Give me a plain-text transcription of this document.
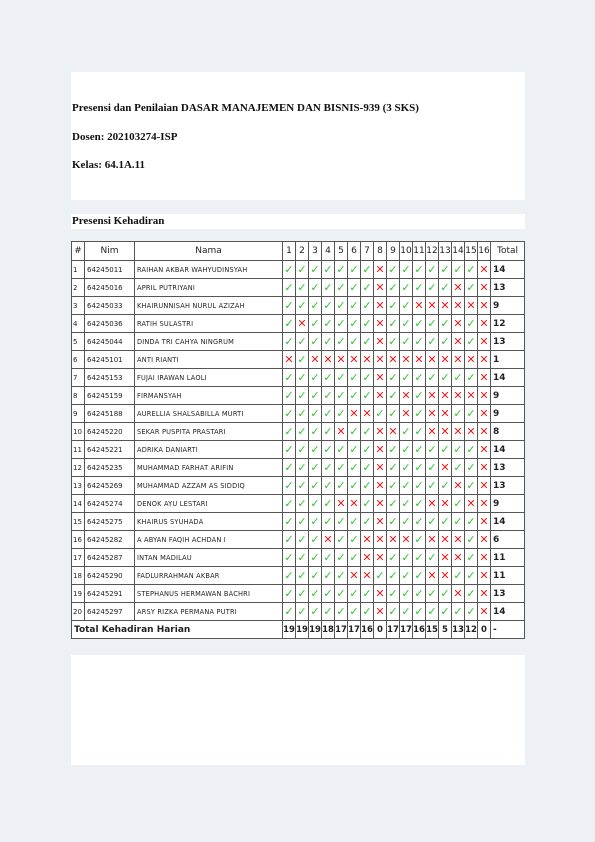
Presensi dan Penilaian DASAR MANAJEMEN DAN BISNIS-939 (3 SKS)
Dosen: 202103274-ISP
Kelas: 64.1A.11
Presensi Kehadiran
#	Nim	Nama	1	2	3	4	5	6	7	8	9	10	11	12	13	14	15	16	Total
1	64245011	RAIHAN AKBAR WAHYUDINSYAH	✓	✓	✓	✓	✓	✓	✓	✕	✓	✓	✓	✓	✓	✓	✓	✕	14
2	64245016	APRIL PUTRIYANI	✓	✓	✓	✓	✓	✓	✓	✕	✓	✓	✓	✓	✓	✕	✓	✕	13
3	64245033	KHAIRUNNISAH NURUL AZIZAH	✓	✓	✓	✓	✓	✓	✓	✕	✓	✓	✕	✕	✕	✕	✕	✕	9
4	64245036	RATIH SULASTRI	✓	✕	✓	✓	✓	✓	✓	✕	✓	✓	✓	✓	✓	✕	✓	✕	12
5	64245044	DINDA TRI CAHYA NINGRUM	✓	✓	✓	✓	✓	✓	✓	✕	✓	✓	✓	✓	✓	✕	✓	✕	13
6	64245101	ANTI RIANTI	✕	✓	✕	✕	✕	✕	✕	✕	✕	✕	✕	✕	✕	✕	✕	✕	1
7	64245153	FUJAI IRAWAN LAOLI	✓	✓	✓	✓	✓	✓	✓	✕	✓	✓	✓	✓	✓	✓	✓	✕	14
8	64245159	FIRMANSYAH	✓	✓	✓	✓	✓	✓	✓	✕	✓	✕	✓	✕	✕	✕	✕	✕	9
9	64245188	AURELLIA SHALSABILLA MURTI	✓	✓	✓	✓	✓	✕	✕	✓	✓	✕	✓	✕	✕	✓	✓	✕	9
10	64245220	SEKAR PUSPITA PRASTARI	✓	✓	✓	✓	✕	✓	✓	✕	✕	✓	✓	✕	✕	✕	✕	✕	8
11	64245221	ADRIKA DANIARTI	✓	✓	✓	✓	✓	✓	✓	✕	✓	✓	✓	✓	✓	✓	✓	✕	14
12	64245235	MUHAMMAD FARHAT ARIFIN	✓	✓	✓	✓	✓	✓	✓	✕	✓	✓	✓	✓	✕	✓	✓	✕	13
13	64245269	MUHAMMAD AZZAM AS SIDDIQ	✓	✓	✓	✓	✓	✓	✓	✕	✓	✓	✓	✓	✓	✕	✓	✕	13
14	64245274	DENOK AYU LESTARI	✓	✓	✓	✓	✕	✕	✓	✕	✓	✓	✓	✕	✕	✓	✕	✕	9
15	64245275	KHAIRUS SYUHADA	✓	✓	✓	✓	✓	✓	✓	✕	✓	✓	✓	✓	✓	✓	✓	✕	14
16	64245282	A ABYAN FAQIH ACHDAN I	✓	✓	✓	✕	✓	✓	✕	✕	✕	✕	✓	✕	✕	✕	✓	✕	6
17	64245287	INTAN MADILAU	✓	✓	✓	✓	✓	✓	✕	✕	✓	✓	✓	✓	✕	✕	✓	✕	11
18	64245290	FADLURRAHMAN AKBAR	✓	✓	✓	✓	✓	✕	✕	✓	✓	✓	✓	✕	✕	✓	✓	✕	11
19	64245291	STEPHANUS HERMAWAN BACHRI	✓	✓	✓	✓	✓	✓	✓	✕	✓	✓	✓	✓	✓	✕	✓	✕	13
20	64245297	ARSY RIZKA PERMANA PUTRI	✓	✓	✓	✓	✓	✓	✓	✕	✓	✓	✓	✓	✓	✓	✓	✕	14
Total Kehadiran Harian			19	19	19	18	17	17	16	0	17	17	16	15	5	13	12	0	-
